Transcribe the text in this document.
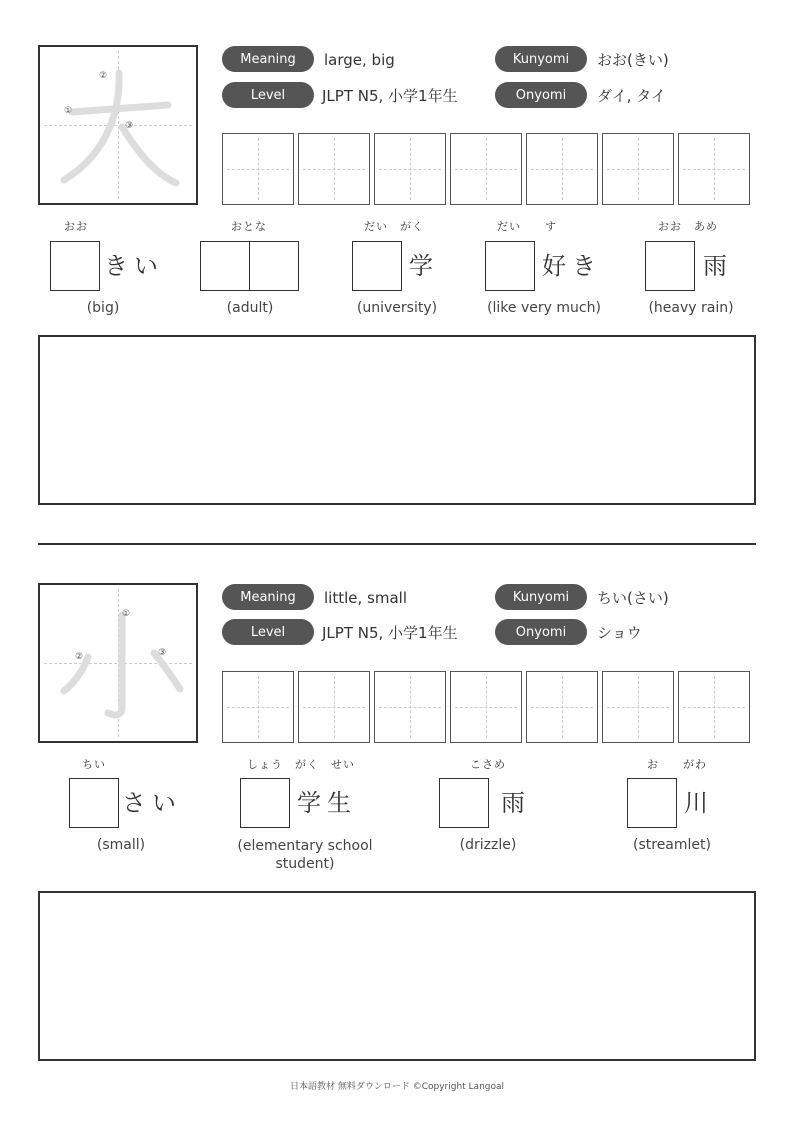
①
②
③
Meaning	large, big	Kunyomi	おお(きい)
Level	JLPT N5, 小学1年生	Onyomi	ダイ, タイ
おお
きい
(big)
おとな
(adult)
だい　がく
学
(university)
だい　　す
好き
(like very much)
おお　あめ
雨
(heavy rain)
①
②	③
Meaning	little, small	Kunyomi	ちい(さい)
Level	JLPT N5, 小学1年生	Onyomi	ショウ
ちい
さい
(small)
しょう　がく　せい
学生
(elementary school student)
こさめ
雨
(drizzle)
お　　がわ
川
(streamlet)
日本語教材 無料ダウンロード ©Copyright Langoal
